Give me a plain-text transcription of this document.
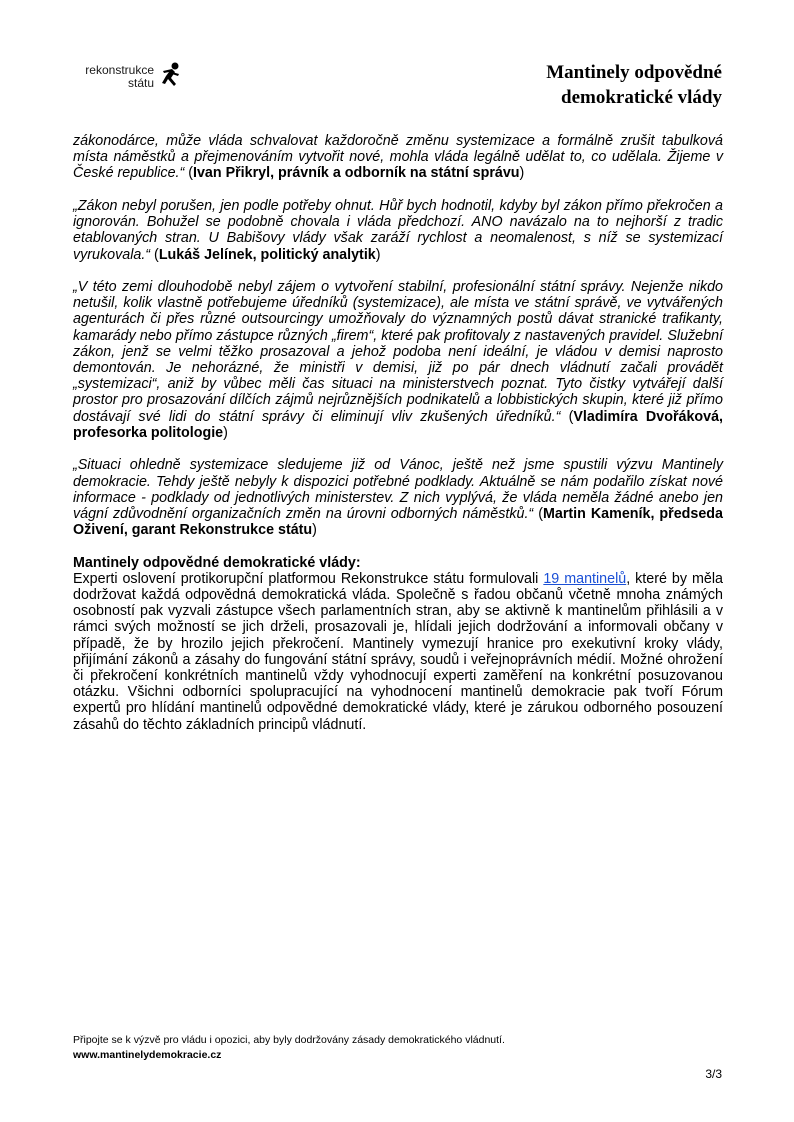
rekonstrukce
státu	Mantinely odpovědné
demokratické vlády

zákonodárce, může vláda schvalovat každoročně změnu systemizace a formálně zrušit tabulková místa náměstků a přejmenováním vytvořit nové, mohla vláda legálně udělat to, co udělala. Žijeme v České republice.“ (Ivan Přikryl, právník a odborník na státní správu)

„Zákon nebyl porušen, jen podle potřeby ohnut. Hůř bych hodnotil, kdyby byl zákon přímo překročen a ignorován. Bohužel se podobně chovala i vláda předchozí. ANO navázalo na to nejhorší z tradic etablovaných stran. U Babišovy vlády však zaráží rychlost a neomalenost, s níž se systemizací vyrukovala.“ (Lukáš Jelínek, politický analytik)

„V této zemi dlouhodobě nebyl zájem o vytvoření stabilní, profesionální státní správy. Nejenže nikdo netušil, kolik vlastně potřebujeme úředníků (systemizace), ale místa ve státní správě, ve vytvářených agenturách či přes různé outsourcingy umožňovaly do významných postů dávat stranické trafikanty, kamarády nebo přímo zástupce různých „firem“, které pak profitovaly z nastavených pravidel. Služební zákon, jenž se velmi těžko prosazoval a jehož podoba není ideální, je vládou v demisi naprosto demontován. Je nehorázné, že ministři v demisi, již po pár dnech vládnutí začali provádět „systemizaci“, aniž by vůbec měli čas situaci na ministerstvech poznat. Tyto čistky vytvářejí další prostor pro prosazování dílčích zájmů nejrůznějších podnikatelů a lobbistických skupin, které již přímo dostávají své lidi do státní správy či eliminují vliv zkušených úředníků.“ (Vladimíra Dvořáková, profesorka politologie)

„Situaci ohledně systemizace sledujeme již od Vánoc, ještě než jsme spustili výzvu Mantinely demokracie. Tehdy ještě nebyly k dispozici potřebné podklady. Aktuálně se nám podařilo získat nové informace - podklady od jednotlivých ministerstev. Z nich vyplývá, že vláda neměla žádné anebo jen vágní zdůvodnění organizačních změn na úrovni odborných náměstků.“ (Martin Kameník, předseda Oživení, garant Rekonstrukce státu)

Mantinely odpovědné demokratické vlády:

Experti oslovení protikorupční platformou Rekonstrukce státu formulovali 19 mantinelů, které by měla dodržovat každá odpovědná demokratická vláda. Společně s řadou občanů včetně mnoha známých osobností pak vyzvali zástupce všech parlamentních stran, aby se aktivně k mantinelům přihlásili a v rámci svých možností se jich drželi, prosazovali je, hlídali jejich dodržování a informovali občany v případě, že by hrozilo jejich překročení. Mantinely vymezují hranice pro exekutivní kroky vlády, přijímání zákonů a zásahy do fungování státní správy, soudů i veřejnoprávních médií. Možné ohrožení či překročení konkrétních mantinelů vždy vyhodnocují experti zaměření na konkrétní posuzovanou otázku. Všichni odborníci spolupracující na vyhodnocení mantinelů demokracie pak tvoří Fórum expertů pro hlídání mantinelů odpovědné demokratické vlády, které je zárukou odborného posouzení zásahů do těchto základních principů vládnutí.

Připojte se k výzvě pro vládu i opozici, aby byly dodržovány zásady demokratického vládnutí.
www.mantinelydemokracie.cz
3/3
